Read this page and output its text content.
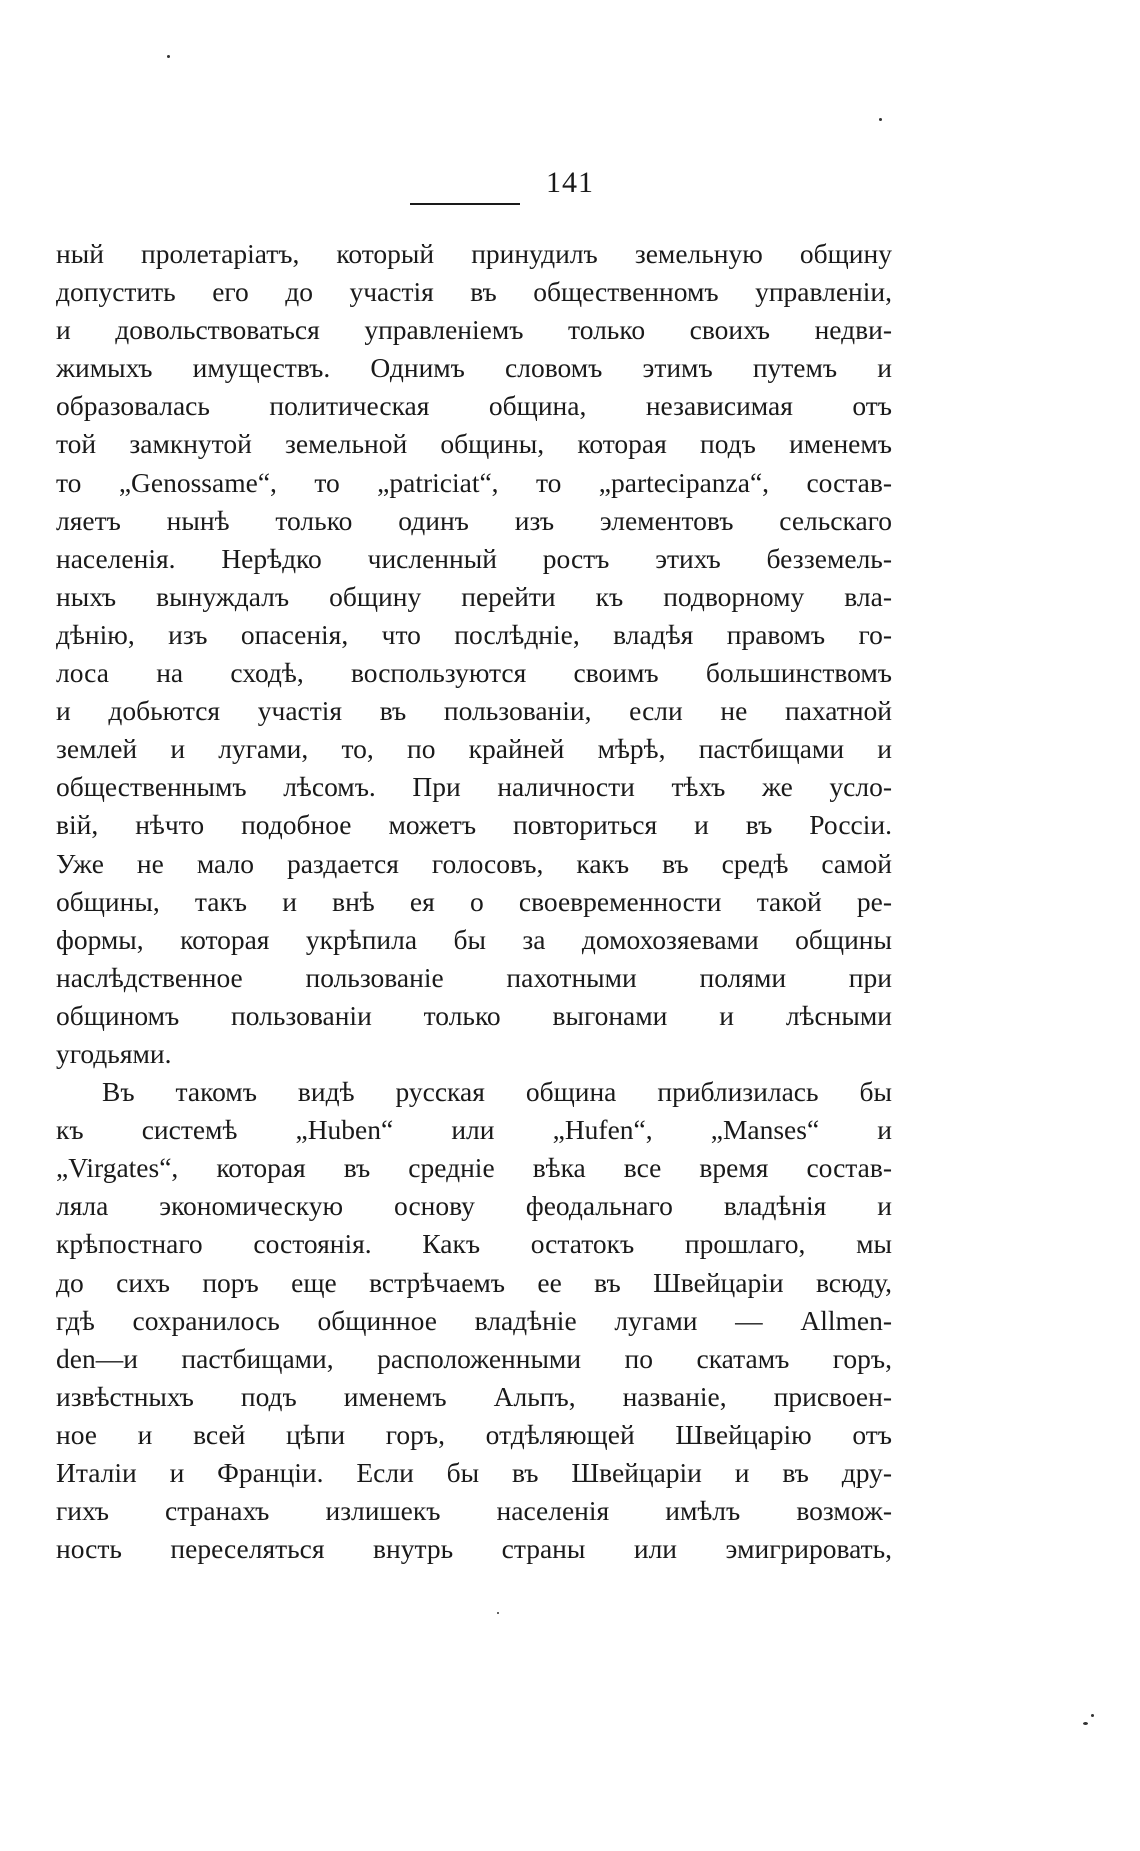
141
ный пролетаріатъ, который принудилъ земельную общину
допустить его до участія въ общественномъ управленіи,
и довольствоваться управленіемъ только своихъ недви-
жимыхъ имуществъ. Однимъ словомъ этимъ путемъ и
образовалась политическая община, независимая отъ
той замкнутой земельной общины, которая подъ именемъ
то „Genossame“, то „patriciat“, то „partecipanza“, состав-
ляетъ нынѣ только одинъ изъ элементовъ сельскаго
населенія. Нерѣдко численный ростъ этихъ безземель-
ныхъ вынуждалъ общину перейти къ подворному вла-
дѣнію, изъ опасенія, что послѣдніе, владѣя правомъ го-
лоса на сходѣ, воспользуются своимъ большинствомъ
и добьются участія въ пользованіи, если не пахатной
землей и лугами, то, по крайней мѣрѣ, пастбищами и
общественнымъ лѣсомъ. При наличности тѣхъ же усло-
вій, нѣчто подобное можетъ повториться и въ Россіи.
Уже не мало раздается голосовъ, какъ въ средѣ самой
общины, такъ и внѣ ея о своевременности такой ре-
формы, которая укрѣпила бы за домохозяевами общины
наслѣдственное пользованіе пахотными полями при
общиномъ пользованіи только выгонами и лѣсными
угодьями.
Въ такомъ видѣ русская община приблизилась бы
къ системѣ „Huben“ или „Hufen“, „Manses“ и
„Virgates“, которая въ средніе вѣка все время состав-
ляла экономическую основу феодальнаго владѣнія и
крѣпостнаго состоянія. Какъ остатокъ прошлаго, мы
до сихъ поръ еще встрѣчаемъ ее въ Швейцаріи всюду,
гдѣ сохранилось общинное владѣніе лугами — Allmen-
den—и пастбищами, расположенными по скатамъ горъ,
извѣстныхъ подъ именемъ Альпъ, названіе, присвоен-
ное и всей цѣпи горъ, отдѣляющей Швейцарію отъ
Италіи и Франціи. Если бы въ Швейцаріи и въ дру-
гихъ странахъ излишекъ населенія имѣлъ возмож-
ность переселяться внутрь страны или эмигрировать,
